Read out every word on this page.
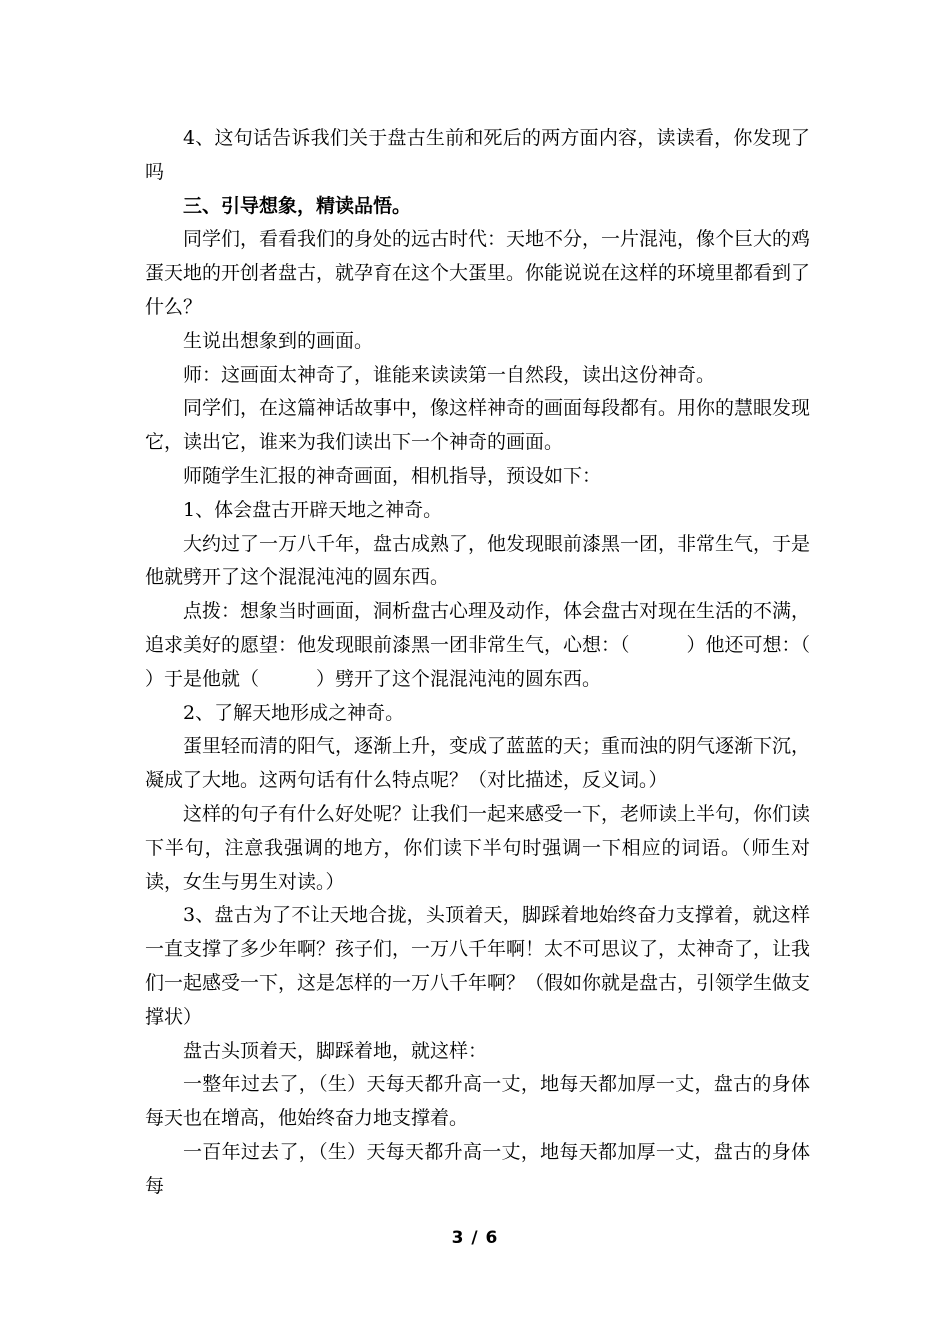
4、这句话告诉我们关于盘古生前和死后的两方面内容，读读看，你发现了吗

三、引导想象，精读品悟。

同学们，看看我们的身处的远古时代：天地不分，一片混沌，像个巨大的鸡蛋天地的开创者盘古，就孕育在这个大蛋里。你能说说在这样的环境里都看到了什么？

生说出想象到的画面。

师：这画面太神奇了，谁能来读读第一自然段，读出这份神奇。

同学们，在这篇神话故事中，像这样神奇的画面每段都有。用你的慧眼发现它，读出它，谁来为我们读出下一个神奇的画面。

师随学生汇报的神奇画面，相机指导，预设如下：

1、体会盘古开辟天地之神奇。

大约过了一万八千年，盘古成熟了，他发现眼前漆黑一团，非常生气，于是他就劈开了这个混混沌沌的圆东西。

点拨：想象当时画面，洞析盘古心理及动作，体会盘古对现在生活的不满，追求美好的愿望：他发现眼前漆黑一团非常生气，心想：（　　　）他还可想：（　　）于是他就（　　　）劈开了这个混混沌沌的圆东西。

2、了解天地形成之神奇。

蛋里轻而清的阳气，逐渐上升，变成了蓝蓝的天；重而浊的阴气逐渐下沉，凝成了大地。这两句话有什么特点呢？（对比描述，反义词。）

这样的句子有什么好处呢？让我们一起来感受一下，老师读上半句，你们读下半句，注意我强调的地方，你们读下半句时强调一下相应的词语。（师生对读，女生与男生对读。）

3、盘古为了不让天地合拢，头顶着天，脚踩着地始终奋力支撑着，就这样一直支撑了多少年啊？孩子们，一万八千年啊！太不可思议了，太神奇了，让我们一起感受一下，这是怎样的一万八千年啊？（假如你就是盘古，引领学生做支撑状）

盘古头顶着天，脚踩着地，就这样：

一整年过去了，（生）天每天都升高一丈，地每天都加厚一丈，盘古的身体每天也在增高，他始终奋力地支撑着。

一百年过去了，（生）天每天都升高一丈，地每天都加厚一丈，盘古的身体每

3 / 6
